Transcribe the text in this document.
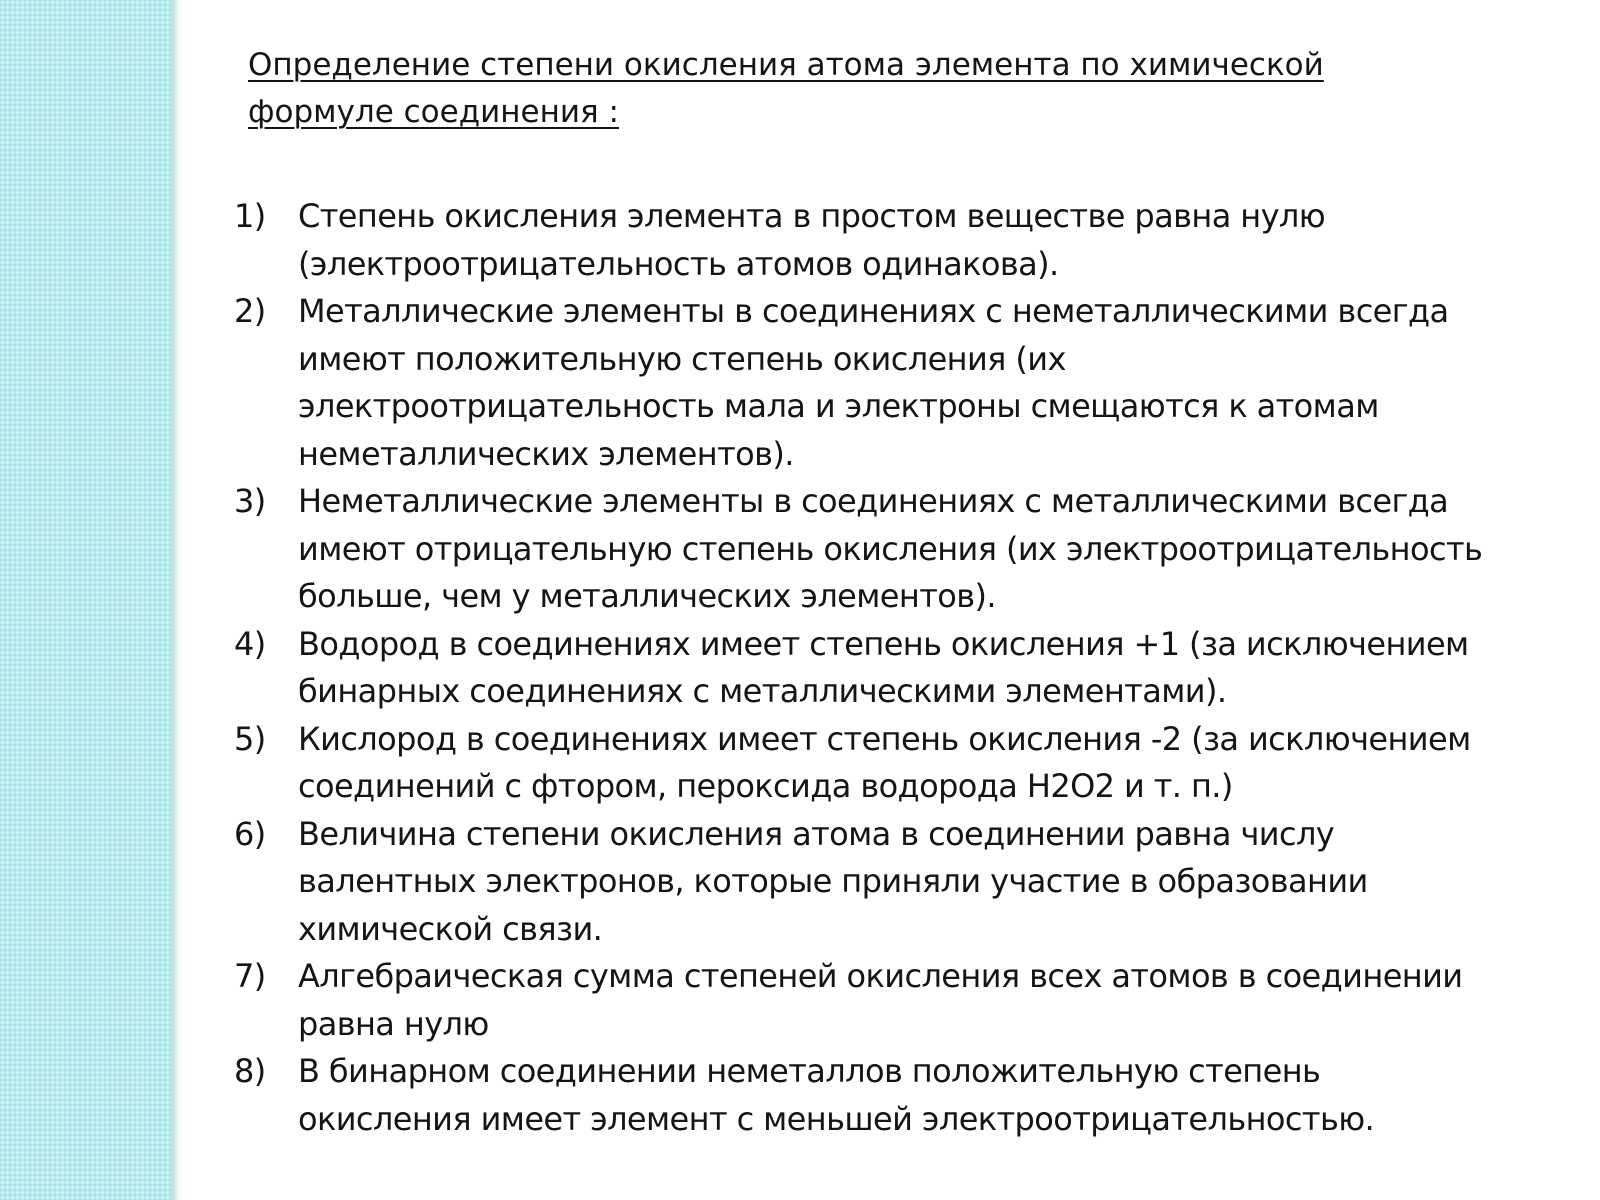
Определение степени окисления атома элемента по химической
формуле соединения :
1)	Степень окисления элемента в простом веществе равна нулю
(электроотрицательность атомов одинакова).
2)	Металлические элементы в соединениях с неметаллическими всегда
имеют положительную степень окисления (их
электроотрицательность мала и электроны смещаются к атомам
неметаллических элементов).
3)	Неметаллические элементы в соединениях с металлическими всегда
имеют отрицательную степень окисления (их электроотрицательность
больше, чем у металлических элементов).
4)	Водород в соединениях имеет степень окисления +1 (за исключением
бинарных соединениях с металлическими элементами).
5)	Кислород в соединениях имеет степень окисления -2 (за исключением
соединений с фтором, пероксида водорода H2O2 и т. п.)
6)	Величина степени окисления атома в соединении равна числу
валентных электронов, которые приняли участие в образовании
химической связи.
7)	Алгебраическая сумма степеней окисления всех атомов в соединении
равна нулю
8)	В бинарном соединении неметаллов положительную степень
окисления имеет элемент с меньшей электроотрицательностью.
